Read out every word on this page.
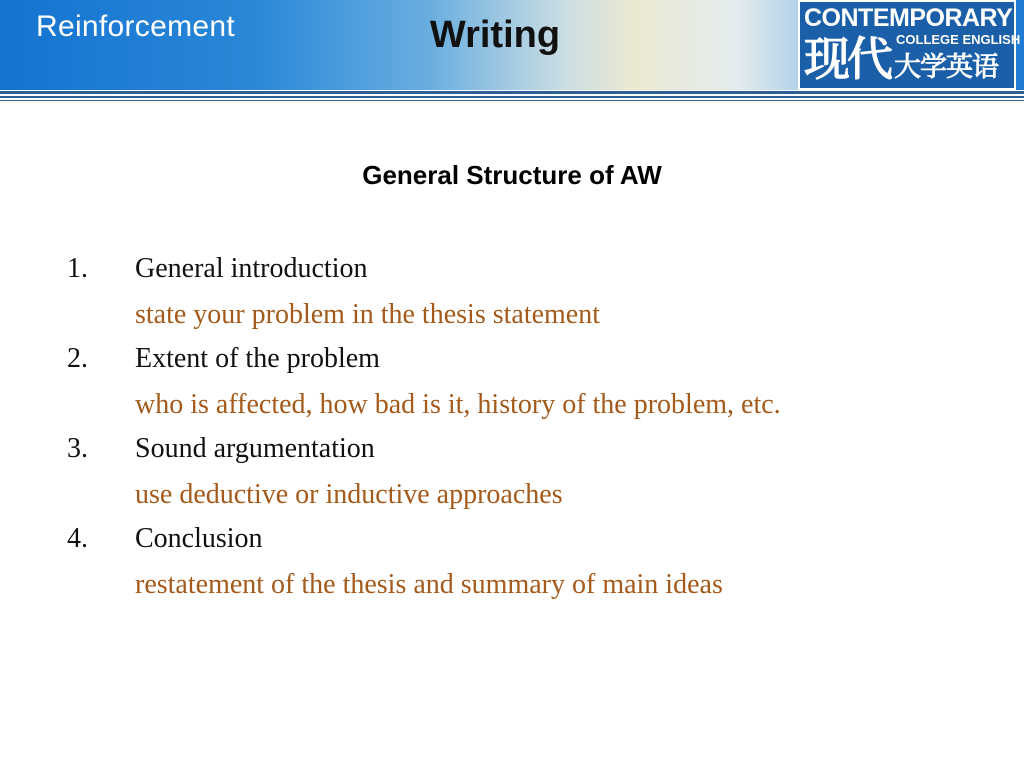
Reinforcement	Writing	CONTEMPORARY
现代 COLLEGE ENGLISH
大学英语
General Structure of AW
1. General introduction
state your problem in the thesis statement
2. Extent of the problem
who is affected, how bad is it, history of the problem, etc.
3. Sound argumentation
use deductive or inductive approaches
4. Conclusion
restatement of the thesis and summary of main ideas
